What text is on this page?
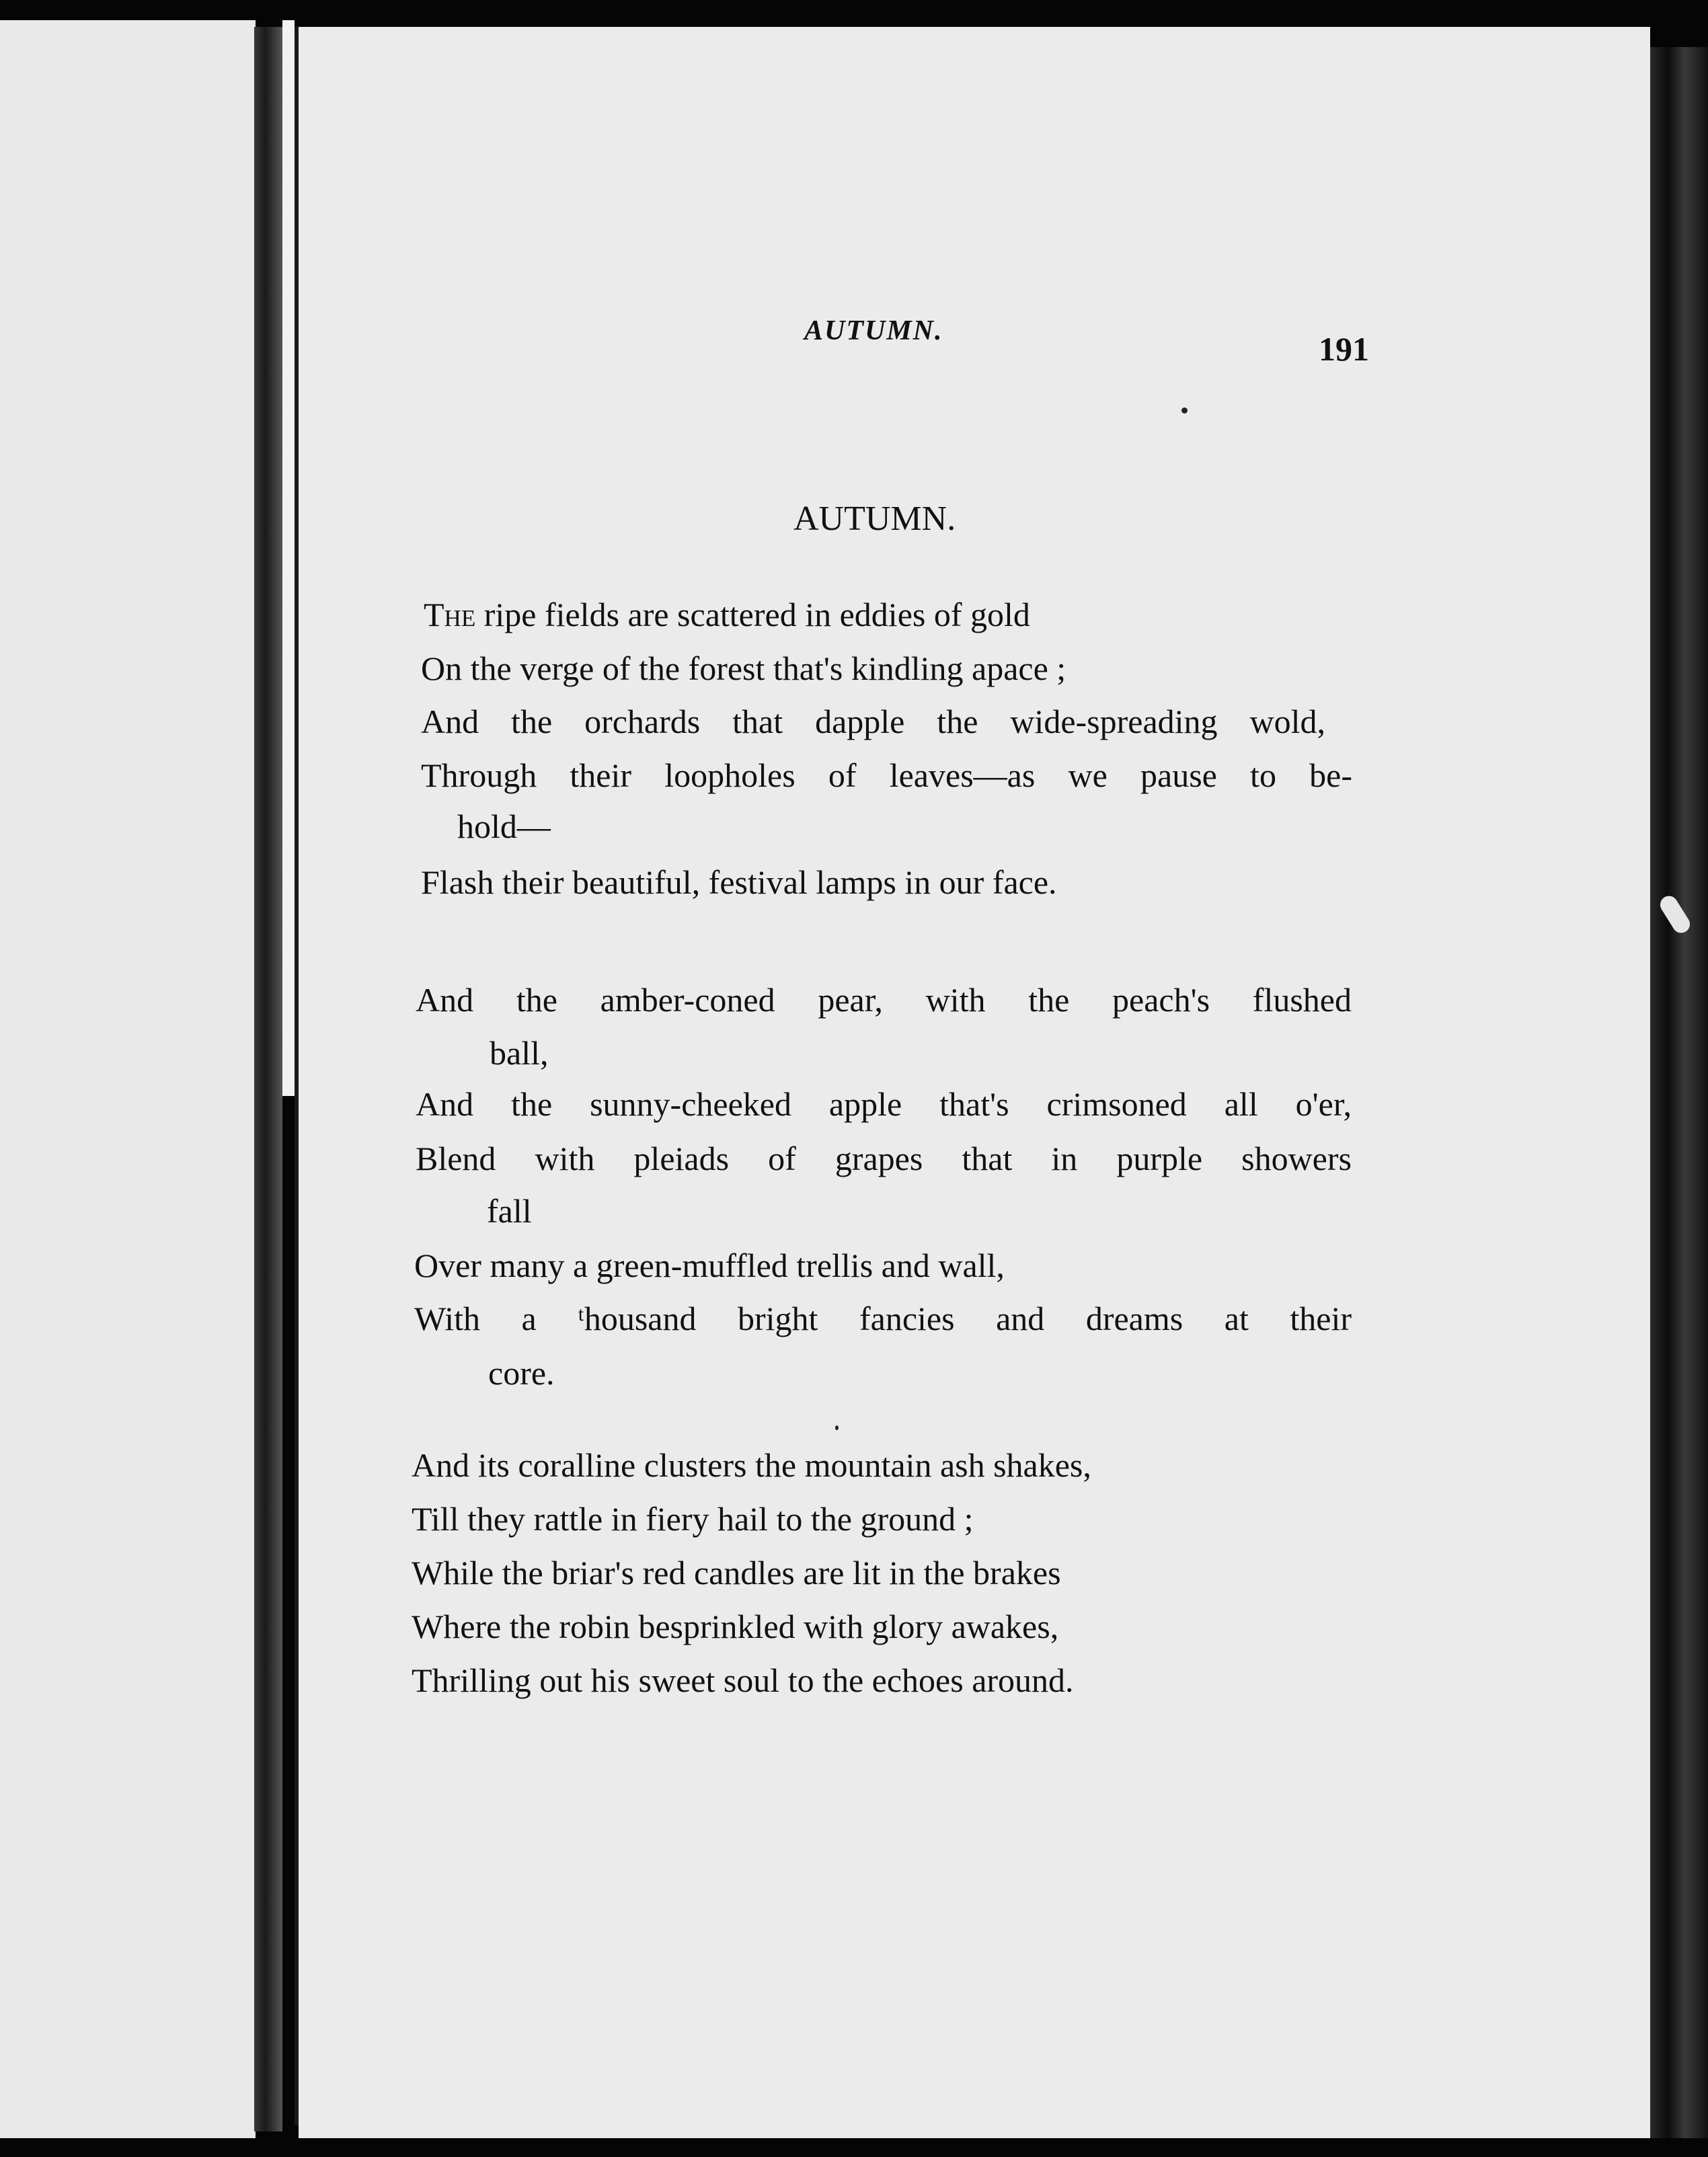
AUTUMN.	191
AUTUMN.
The ripe fields are scattered in eddies of gold
On the verge of the forest that's kindling apace ;
And the orchards that dapple the wide-spreading wold,
Through their loopholes of leaves—as we pause to be-
hold—
Flash their beautiful, festival lamps in our face.
And the amber-coned pear, with the peach's flushed
ball,
And the sunny-cheeked apple that's crimsoned all o'er,
Blend with pleiads of grapes that in purple showers
fall
Over many a green-muffled trellis and wall,
With a ᵗhousand bright fancies and dreams at their
core.
And its coralline clusters the mountain ash shakes,
Till they rattle in fiery hail to the ground ;
While the briar's red candles are lit in the brakes
Where the robin besprinkled with glory awakes,
Thrilling out his sweet soul to the echoes around.
